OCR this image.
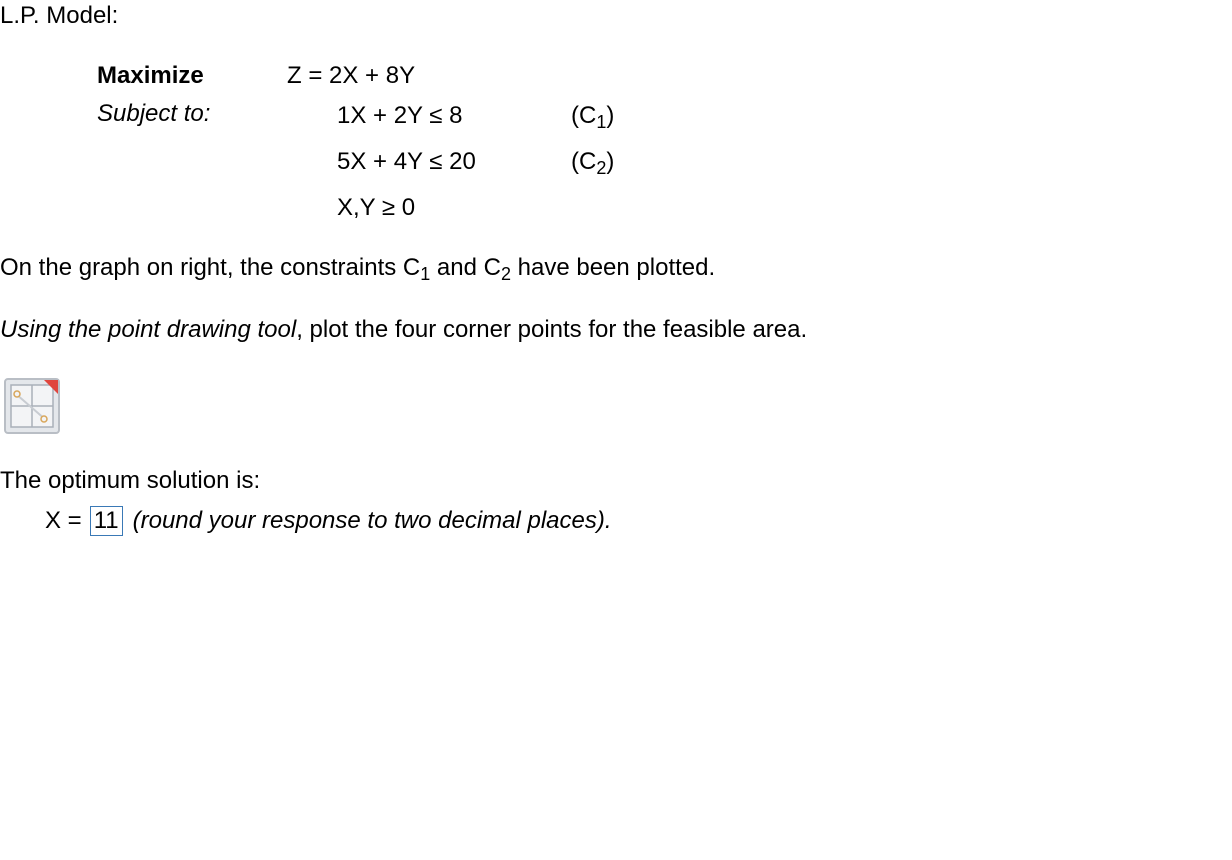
L.P. Model:
Maximize
Subject to:
Z = 2X + 8Y
1X + 2Y ≤ 8
5X + 4Y ≤ 20
X,Y ≥ 0
$(C_1)$
$(C_2)$
On the graph on right, the constraints $C_1$ and $C_2$ have been plotted.
Using the point drawing tool, plot the four corner points for the feasible area.
The optimum solution is:
X = 11 (round your response to two decimal places).
